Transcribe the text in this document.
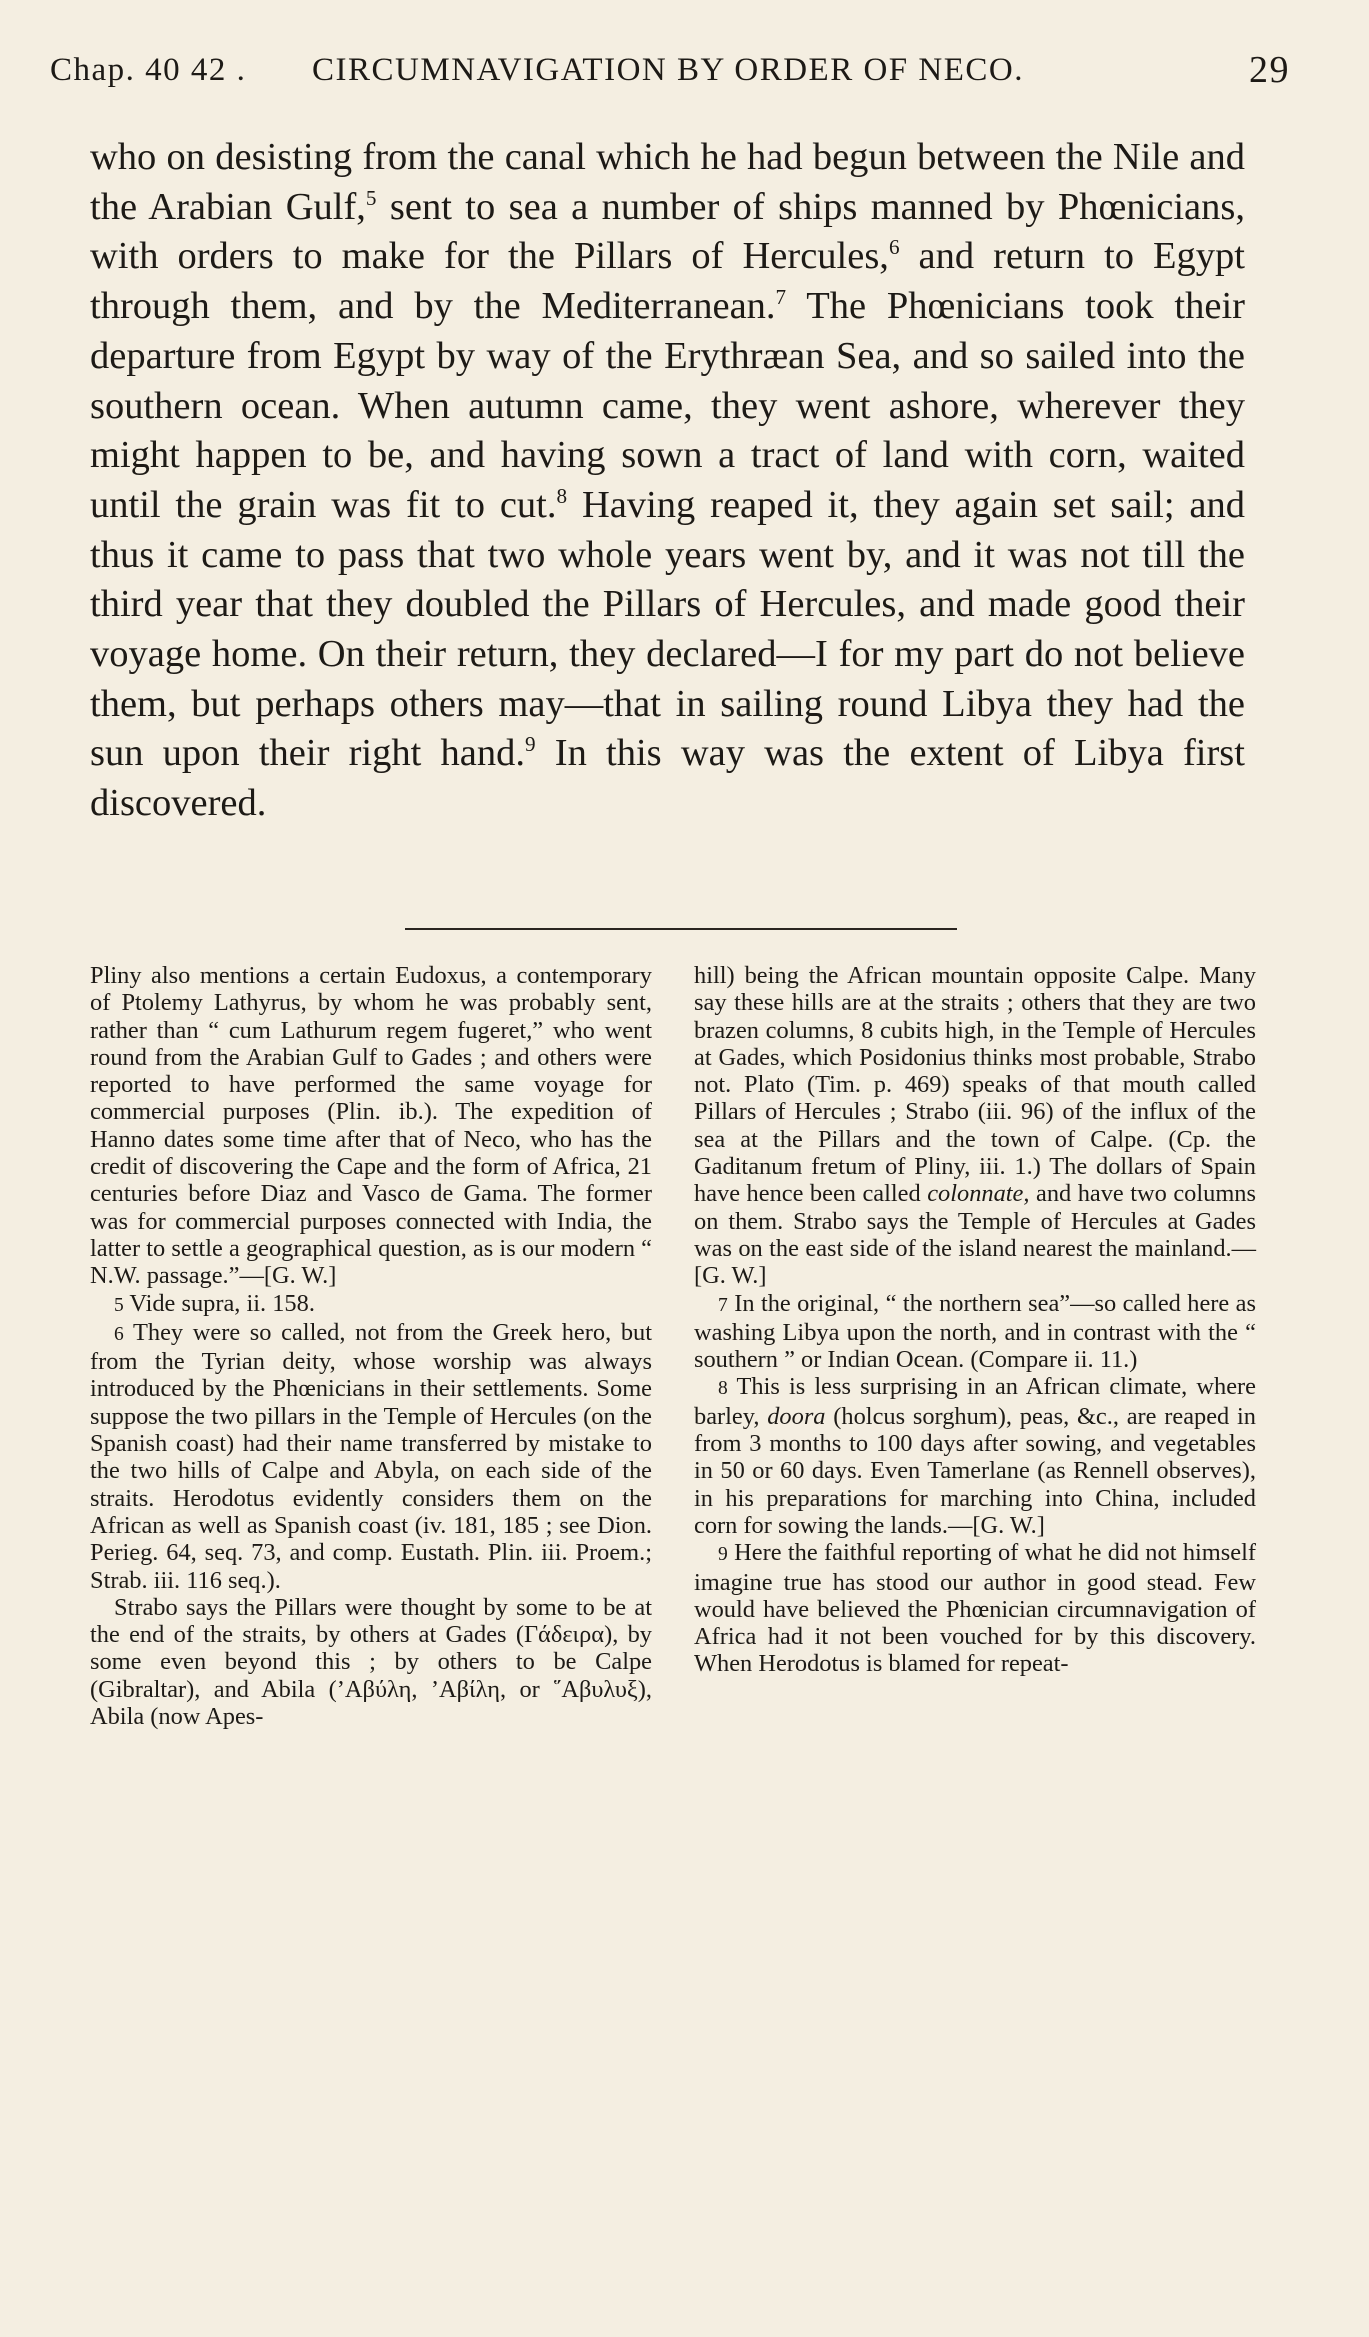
Chap. 40 42 . CIRCUMNAVIGATION BY ORDER OF NECO.	29
who on desisting from the canal which he had begun between the Nile and the Arabian Gulf,$^5$ sent to sea a number of ships manned by Phœnicians, with orders to make for the Pillars of Hercules,$^6$ and return to Egypt through them, and by the Mediterranean.$^7$ The Phœnicians took their departure from Egypt by way of the Erythræan Sea, and so sailed into the southern ocean. When autumn came, they went ashore, wherever they might happen to be, and having sown a tract of land with corn, waited until the grain was fit to cut.$^8$ Having reaped it, they again set sail; and thus it came to pass that two whole years went by, and it was not till the third year that they doubled the Pillars of Hercules, and made good their voyage home. On their return, they declared—I for my part do not believe them, but perhaps others may—that in sailing round Libya they had the sun upon their right hand.$^9$ In this way was the extent of Libya first discovered.

Pliny also mentions a certain Eudoxus, a contemporary of Ptolemy Lathyrus, by whom he was probably sent, rather than “ cum Lathurum regem fugeret,” who went round from the Arabian Gulf to Gades ; and others were reported to have performed the same voyage for commercial purposes (Plin. ib.). The expedition of Hanno dates some time after that of Neco, who has the credit of discovering the Cape and the form of Africa, 21 centuries before Diaz and Vasco de Gama. The former was for commercial purposes connected with India, the latter to settle a geographical question, as is our modern “ N.W. passage.”—[G. W.]

5 Vide supra, ii. 158.

6 They were so called, not from the Greek hero, but from the Tyrian deity, whose worship was always introduced by the Phœnicians in their settlements. Some suppose the two pillars in the Temple of Hercules (on the Spanish coast) had their name transferred by mistake to the two hills of Calpe and Abyla, on each side of the straits. Herodotus evidently considers them on the African as well as Spanish coast (iv. 181, 185 ; see Dion. Perieg. 64, seq. 73, and comp. Eustath. Plin. iii. Proem.; Strab. iii. 116 seq.).

Strabo says the Pillars were thought by some to be at the end of the straits, by others at Gades (Γάδειρα), by some even beyond this ; by others to be Calpe (Gibraltar), and Abila (’Αβύλη, ’Αβίλη, or ῞Αβυλυξ), Abila (now Apes-

hill) being the African mountain opposite Calpe. Many say these hills are at the straits ; others that they are two brazen columns, 8 cubits high, in the Temple of Hercules at Gades, which Posidonius thinks most probable, Strabo not. Plato (Tim. p. 469) speaks of that mouth called Pillars of Hercules ; Strabo (iii. 96) of the influx of the sea at the Pillars and the town of Calpe. (Cp. the Gaditanum fretum of Pliny, iii. 1.) The dollars of Spain have hence been called colonnate, and have two columns on them. Strabo says the Temple of Hercules at Gades was on the east side of the island nearest the mainland.—[G. W.]

7 In the original, “ the northern sea”—so called here as washing Libya upon the north, and in contrast with the “ southern ” or Indian Ocean. (Compare ii. 11.)

8 This is less surprising in an African climate, where barley, doora (holcus sorghum), peas, &c., are reaped in from 3 months to 100 days after sowing, and vegetables in 50 or 60 days. Even Tamerlane (as Rennell observes), in his preparations for marching into China, included corn for sowing the lands.—[G. W.]

9 Here the faithful reporting of what he did not himself imagine true has stood our author in good stead. Few would have believed the Phœnician circumnavigation of Africa had it not been vouched for by this discovery. When Herodotus is blamed for repeat-
